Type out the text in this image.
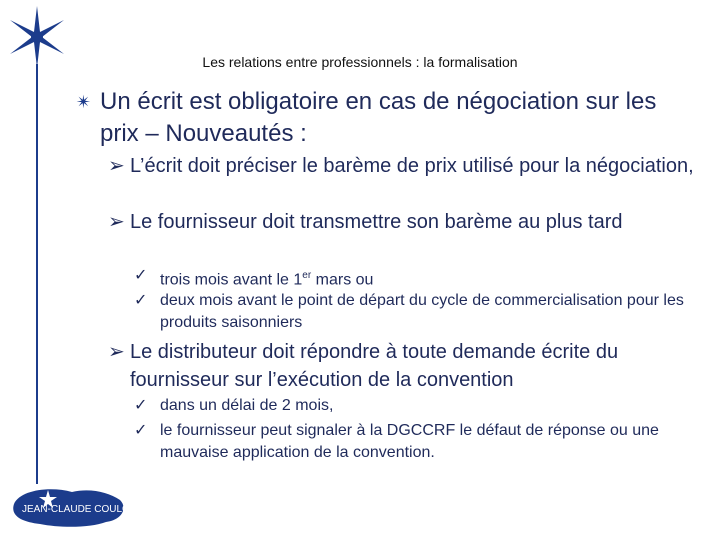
Les relations entre professionnels : la formalisation
✴ Un écrit est obligatoire en cas de négociation sur les prix – Nouveautés :
➢ L’écrit doit préciser le barème de prix utilisé pour la négociation,
➢ Le fournisseur doit transmettre son barème au plus tard
✓ trois mois avant le 1er mars ou
✓ deux mois avant le point de départ du cycle de commercialisation pour les produits saisonniers
➢ Le distributeur doit répondre à toute demande écrite du fournisseur sur l’exécution de la convention
✓ dans un délai de 2 mois,
✓ le fournisseur peut signaler à la DGCCRF le défaut de réponse ou une mauvaise application de la convention.
JEAN-CLAUDE COULON
et associés
